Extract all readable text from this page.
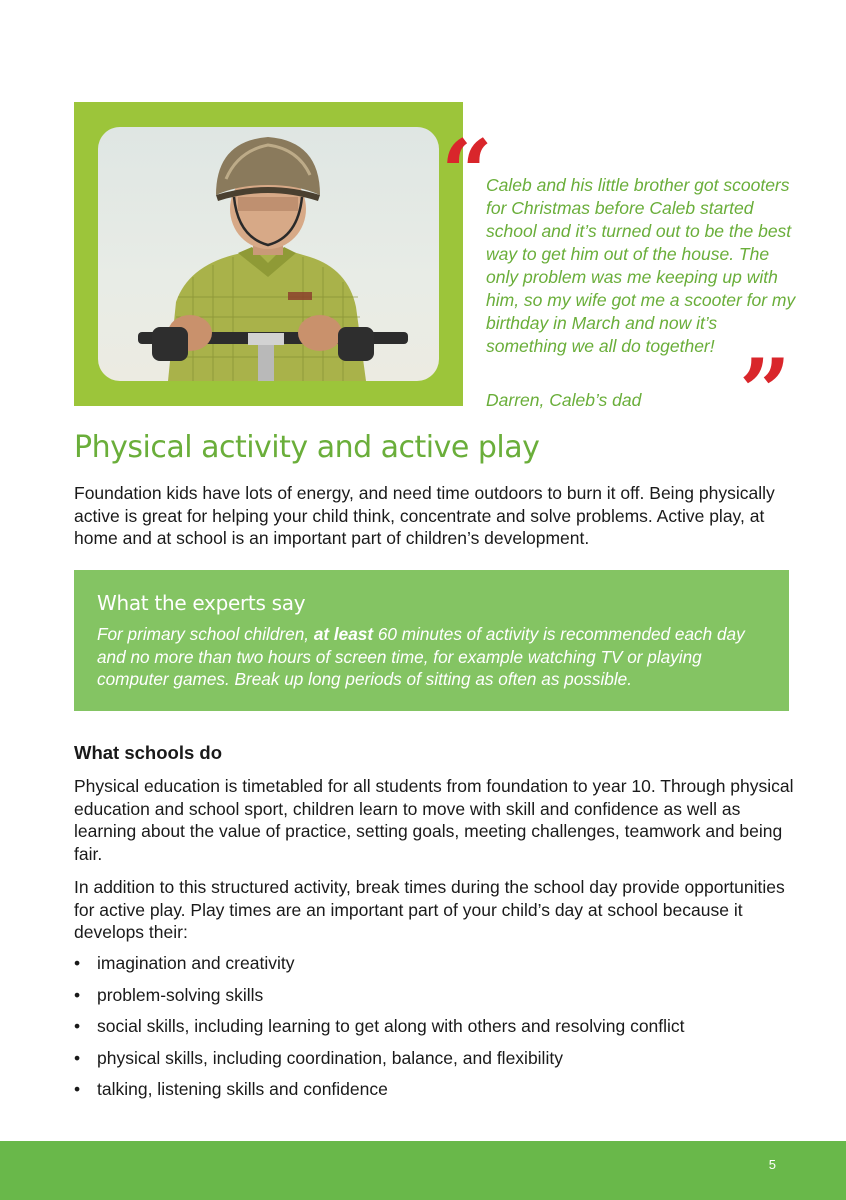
“

Caleb and his little brother got scooters for Christmas before Caleb started school and it’s turned out to be the best way to get him out of the house. The only problem was me keeping up with him, so my wife got me a scooter for my birthday in March and now it’s something we all do together! ”
Darren, Caleb’s dad
Physical activity and active play

Foundation kids have lots of energy, and need time outdoors to burn it off. Being physically active is great for helping your child think, concentrate and solve problems. Active play, at home and at school is an important part of children’s development.

What the experts say

For primary school children, at least 60 minutes of activity is recommended each day and no more than two hours of screen time, for example watching TV or playing computer games. Break up long periods of sitting as often as possible.

What schools do

Physical education is timetabled for all students from foundation to year 10. Through physical education and school sport, children learn to move with skill and confidence as well as learning about the value of practice, setting goals, meeting challenges, teamwork and being fair.

In addition to this structured activity, break times during the school day provide opportunities for active play. Play times are an important part of your child’s day at school because it develops their:

• imagination and creativity
• problem-solving skills
• social skills, including learning to get along with others and resolving conflict
• physical skills, including coordination, balance, and flexibility
• talking, listening skills and confidence
5
